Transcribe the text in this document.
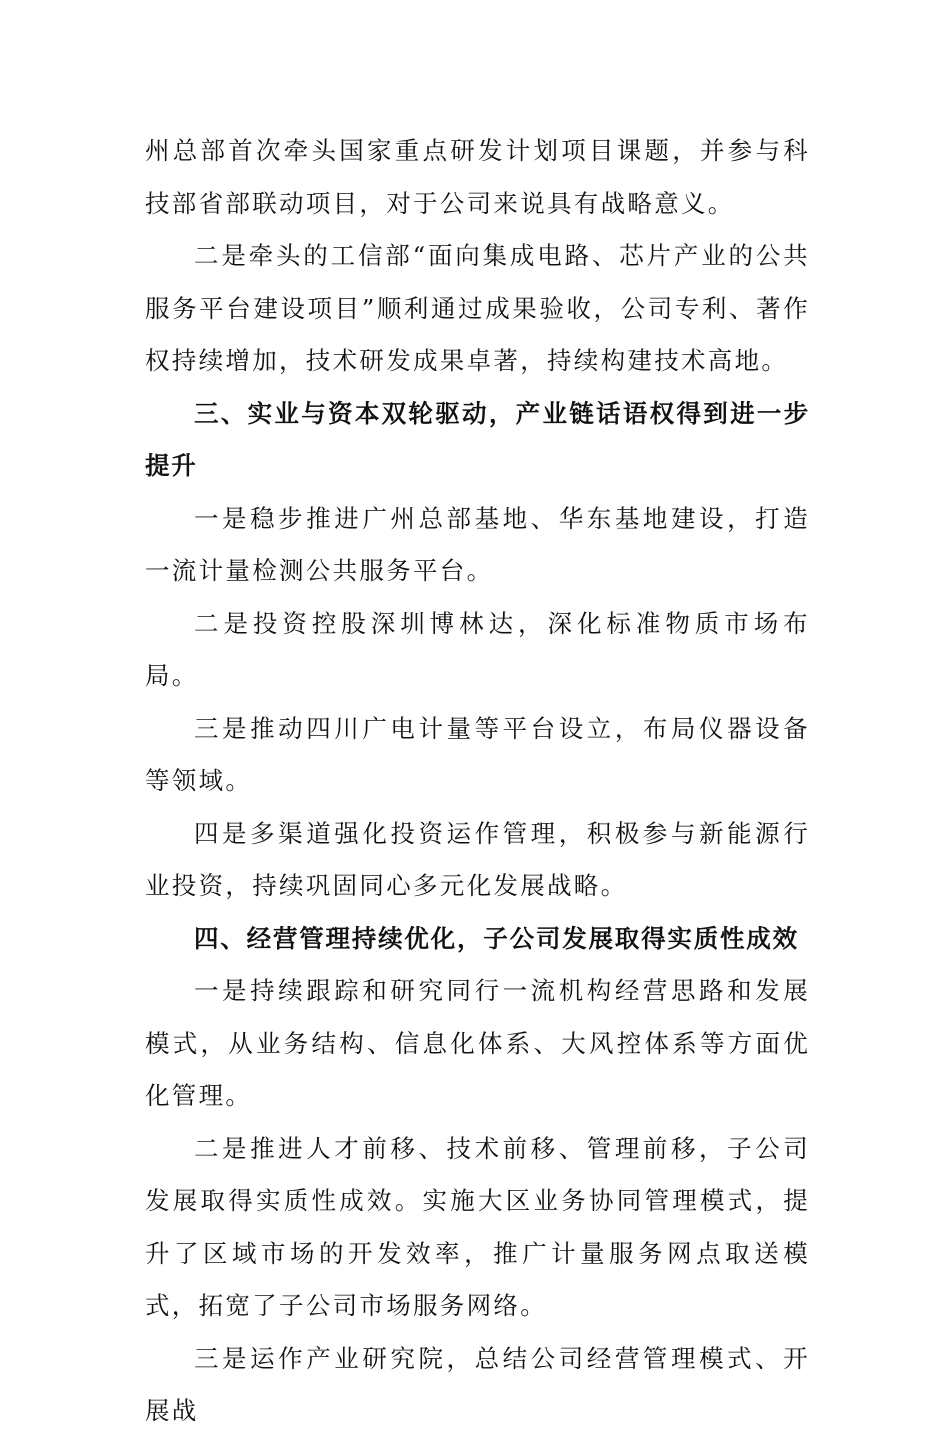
州总部首次牵头国家重点研发计划项目课题，并参与科技部省部联动项目，对于公司来说具有战略意义。

二是牵头的工信部“面向集成电路、芯片产业的公共服务平台建设项目”顺利通过成果验收，公司专利、著作权持续增加，技术研发成果卓著，持续构建技术高地。

三、实业与资本双轮驱动，产业链话语权得到进一步提升

一是稳步推进广州总部基地、华东基地建设，打造一流计量检测公共服务平台。

二是投资控股深圳博林达，深化标准物质市场布局。

三是推动四川广电计量等平台设立，布局仪器设备等领域。

四是多渠道强化投资运作管理，积极参与新能源行业投资，持续巩固同心多元化发展战略。

四、经营管理持续优化，子公司发展取得实质性成效

一是持续跟踪和研究同行一流机构经营思路和发展模式，从业务结构、信息化体系、大风控体系等方面优化管理。

二是推进人才前移、技术前移、管理前移，子公司发展取得实质性成效。实施大区业务协同管理模式，提升了区域市场的开发效率，推广计量服务网点取送模式，拓宽了子公司市场服务网络。

三是运作产业研究院，总结公司经营管理模式、开展战
